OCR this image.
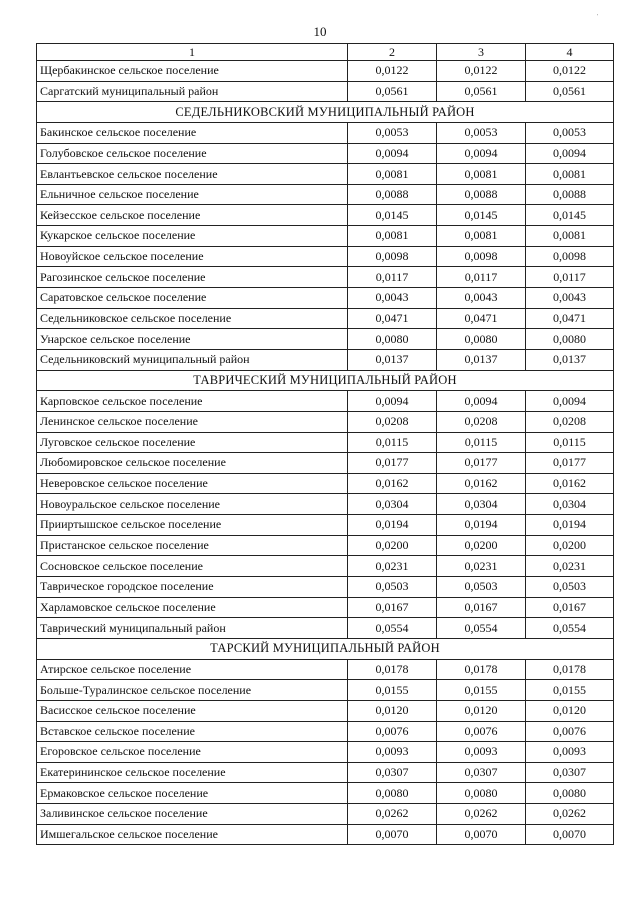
10
'
1	2	3	4
Щербакинское сельское поселение	0,0122	0,0122	0,0122
Саргатский муниципальный район	0,0561	0,0561	0,0561
СЕДЕЛЬНИКОВСКИЙ МУНИЦИПАЛЬНЫЙ РАЙОН			
Бакинское сельское поселение	0,0053	0,0053	0,0053
Голубовское сельское поселение	0,0094	0,0094	0,0094
Евлантьевское сельское поселение	0,0081	0,0081	0,0081
Ельничное сельское поселение	0,0088	0,0088	0,0088
Кейзесское сельское поселение	0,0145	0,0145	0,0145
Кукарское сельское поселение	0,0081	0,0081	0,0081
Новоуйское сельское поселение	0,0098	0,0098	0,0098
Рагозинское сельское поселение	0,0117	0,0117	0,0117
Саратовское сельское поселение	0,0043	0,0043	0,0043
Седельниковское сельское поселение	0,0471	0,0471	0,0471
Унарское сельское поселение	0,0080	0,0080	0,0080
Седельниковский муниципальный район	0,0137	0,0137	0,0137
ТАВРИЧЕСКИЙ МУНИЦИПАЛЬНЫЙ РАЙОН			
Карповское сельское поселение	0,0094	0,0094	0,0094
Ленинское сельское поселение	0,0208	0,0208	0,0208
Луговское сельское поселение	0,0115	0,0115	0,0115
Любомировское сельское поселение	0,0177	0,0177	0,0177
Неверовское сельское поселение	0,0162	0,0162	0,0162
Новоуральское сельское поселение	0,0304	0,0304	0,0304
Прииртышское сельское поселение	0,0194	0,0194	0,0194
Пристанское сельское поселение	0,0200	0,0200	0,0200
Сосновское сельское поселение	0,0231	0,0231	0,0231
Таврическое городское поселение	0,0503	0,0503	0,0503
Харламовское сельское поселение	0,0167	0,0167	0,0167
Таврический муниципальный район	0,0554	0,0554	0,0554
ТАРСКИЙ МУНИЦИПАЛЬНЫЙ РАЙОН			
Атирское сельское поселение	0,0178	0,0178	0,0178
Больше-Туралинское сельское поселение	0,0155	0,0155	0,0155
Васисское сельское поселение	0,0120	0,0120	0,0120
Вставское сельское поселение	0,0076	0,0076	0,0076
Егоровское сельское поселение	0,0093	0,0093	0,0093
Екатерининское сельское поселение	0,0307	0,0307	0,0307
Ермаковское сельское поселение	0,0080	0,0080	0,0080
Заливинское сельское поселение	0,0262	0,0262	0,0262
Имшегальское сельское поселение	0,0070	0,0070	0,0070
